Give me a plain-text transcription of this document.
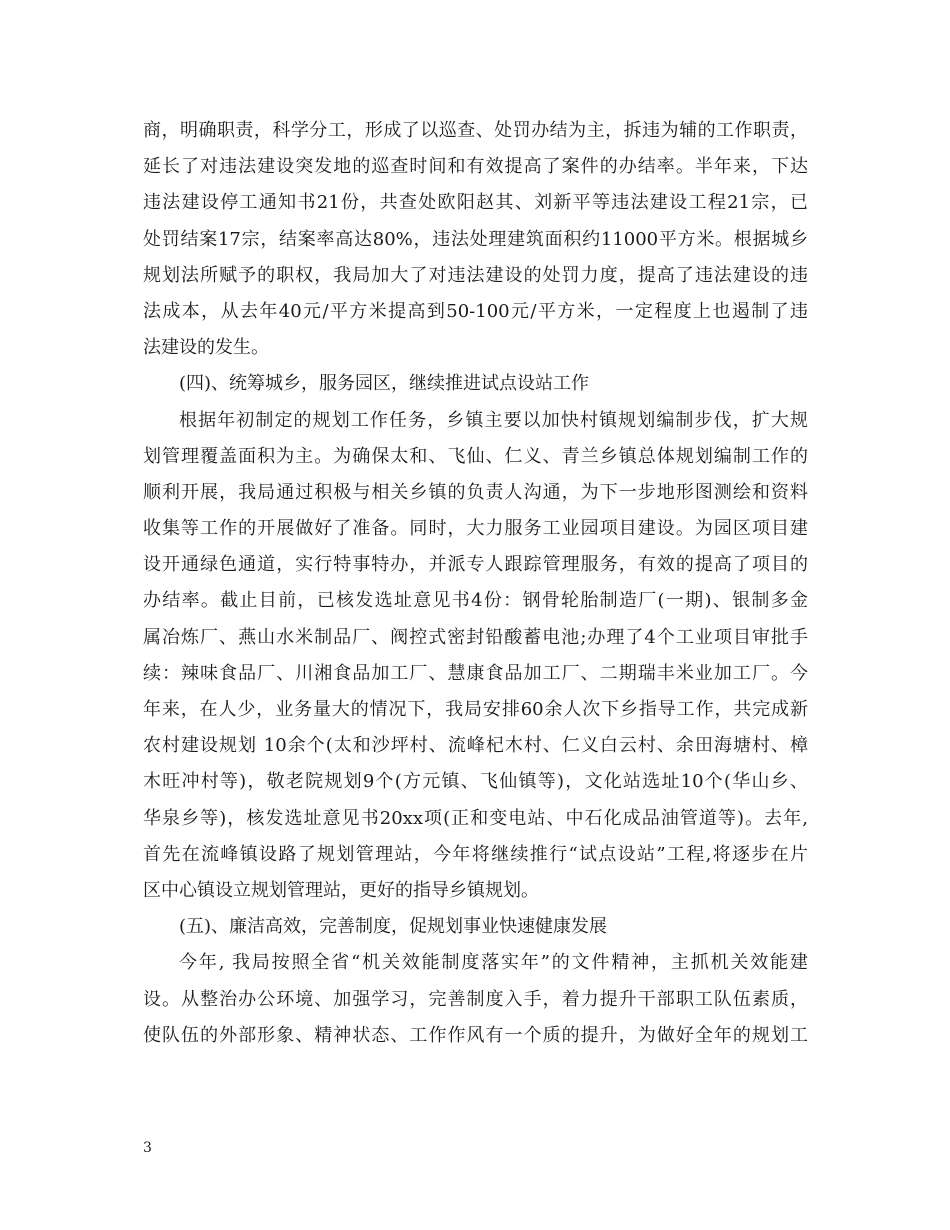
商，明确职责，科学分工，形成了以巡查、处罚办结为主，拆违为辅的工作职责，
延长了对违法建设突发地的巡查时间和有效提高了案件的办结率。半年来，下达
违法建设停工通知书21份，共查处欧阳赵其、刘新平等违法建设工程21宗，已
处罚结案17宗，结案率高达80%，违法处理建筑面积约11000平方米。根据城乡
规划法所赋予的职权，我局加大了对违法建设的处罚力度，提高了违法建设的违
法成本，从去年40元/平方米提高到50-100元/平方米，一定程度上也遏制了违
法建设的发生。
(四)、统筹城乡，服务园区，继续推进试点设站工作
根据年初制定的规划工作任务，乡镇主要以加快村镇规划编制步伐，扩大规
划管理覆盖面积为主。为确保太和、飞仙、仁义、青兰乡镇总体规划编制工作的
顺利开展，我局通过积极与相关乡镇的负责人沟通，为下一步地形图测绘和资料
收集等工作的开展做好了准备。同时，大力服务工业园项目建设。为园区项目建
设开通绿色通道，实行特事特办，并派专人跟踪管理服务，有效的提高了项目的
办结率。截止目前，已核发选址意见书4份：钢骨轮胎制造厂(一期)、银制多金
属冶炼厂、燕山水米制品厂、阀控式密封铅酸蓄电池;办理了4个工业项目审批手
续：辣味食品厂、川湘食品加工厂、慧康食品加工厂、二期瑞丰米业加工厂。今
年来，在人少，业务量大的情况下，我局安排60余人次下乡指导工作，共完成新
农村建设规划 10余个(太和沙坪村、流峰杞木村、仁义白云村、余田海塘村、樟
木旺冲村等)，敬老院规划9个(方元镇、飞仙镇等)，文化站选址10个(华山乡、
华泉乡等)，核发选址意见书20xx项(正和变电站、中石化成品油管道等)。去年,
首先在流峰镇设路了规划管理站，今年将继续推行“试点设站”工程,将逐步在片
区中心镇设立规划管理站，更好的指导乡镇规划。
(五)、廉洁高效，完善制度，促规划事业快速健康发展
今年, 我局按照全省“机关效能制度落实年”的文件精神，主抓机关效能建
设。从整治办公环境、加强学习，完善制度入手，着力提升干部职工队伍素质，
使队伍的外部形象、精神状态、工作作风有一个质的提升，为做好全年的规划工
3
